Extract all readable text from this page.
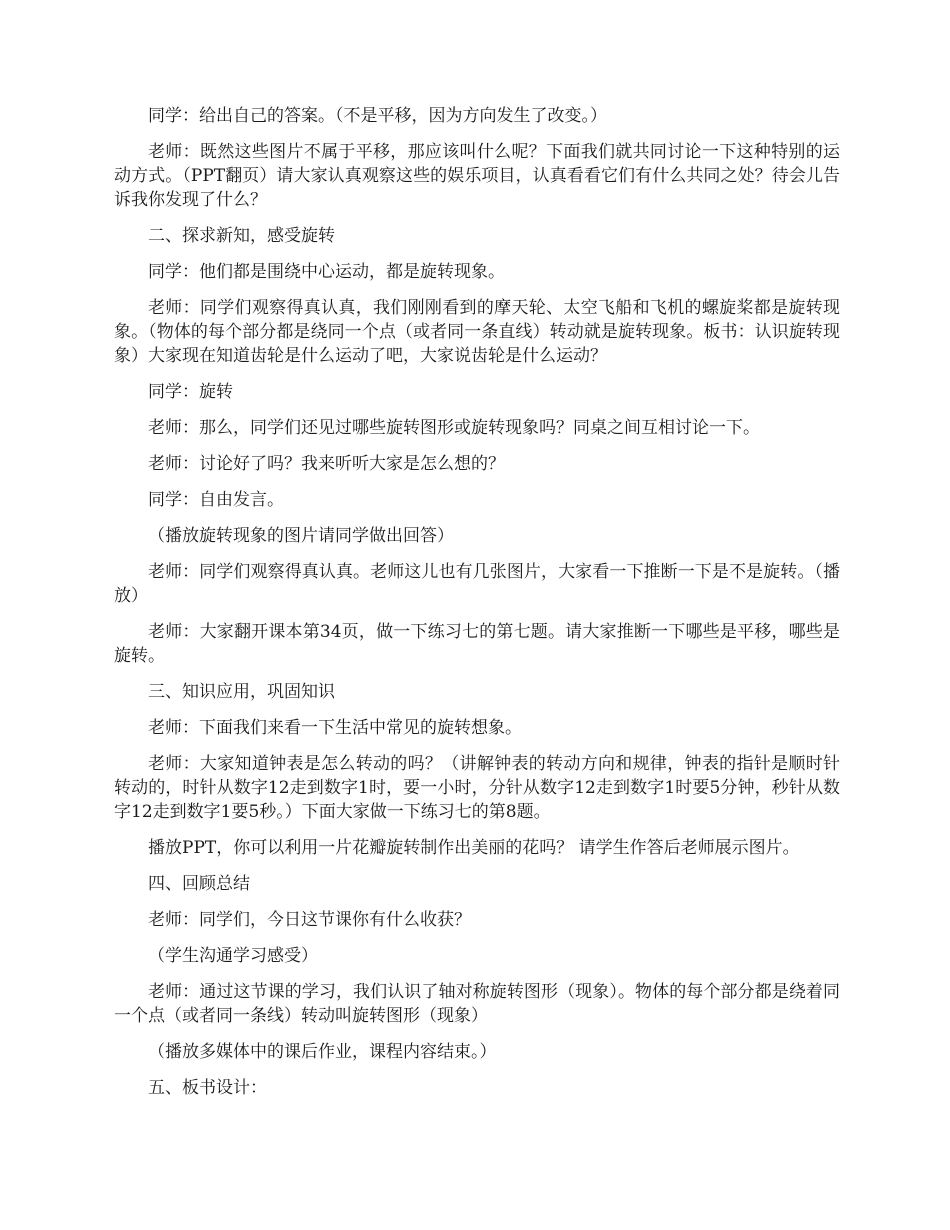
同学：给出自己的答案。（不是平移，因为方向发生了改变。）

老师：既然这些图片不属于平移，那应该叫什么呢？下面我们就共同讨论一下这种特别的运动方式。（PPT翻页）请大家认真观察这些的娱乐项目，认真看看它们有什么共同之处？待会儿告诉我你发现了什么？

二、探求新知，感受旋转

同学：他们都是围绕中心运动，都是旋转现象。

老师：同学们观察得真认真，我们刚刚看到的摩天轮、太空飞船和飞机的螺旋桨都是旋转现象。（物体的每个部分都是绕同一个点（或者同一条直线）转动就是旋转现象。板书：认识旋转现象）大家现在知道齿轮是什么运动了吧，大家说齿轮是什么运动？

同学：旋转

老师：那么，同学们还见过哪些旋转图形或旋转现象吗？同桌之间互相讨论一下。

老师：讨论好了吗？我来听听大家是怎么想的？

同学：自由发言。

（播放旋转现象的图片请同学做出回答）

老师：同学们观察得真认真。老师这儿也有几张图片，大家看一下推断一下是不是旋转。（播放）

老师：大家翻开课本第34页，做一下练习七的第七题。请大家推断一下哪些是平移，哪些是旋转。

三、知识应用，巩固知识

老师：下面我们来看一下生活中常见的旋转想象。

老师：大家知道钟表是怎么转动的吗？（讲解钟表的转动方向和规律，钟表的指针是顺时针转动的，时针从数字12走到数字1时，要一小时，分针从数字12走到数字1时要5分钟，秒针从数字12走到数字1要5秒。）下面大家做一下练习七的第8题。

播放PPT，你可以利用一片花瓣旋转制作出美丽的花吗？ 请学生作答后老师展示图片。

四、回顾总结

老师：同学们，今日这节课你有什么收获？

（学生沟通学习感受）

老师：通过这节课的学习，我们认识了轴对称旋转图形（现象）。物体的每个部分都是绕着同一个点（或者同一条线）转动叫旋转图形（现象）

（播放多媒体中的课后作业，课程内容结束。）

五、板书设计：
